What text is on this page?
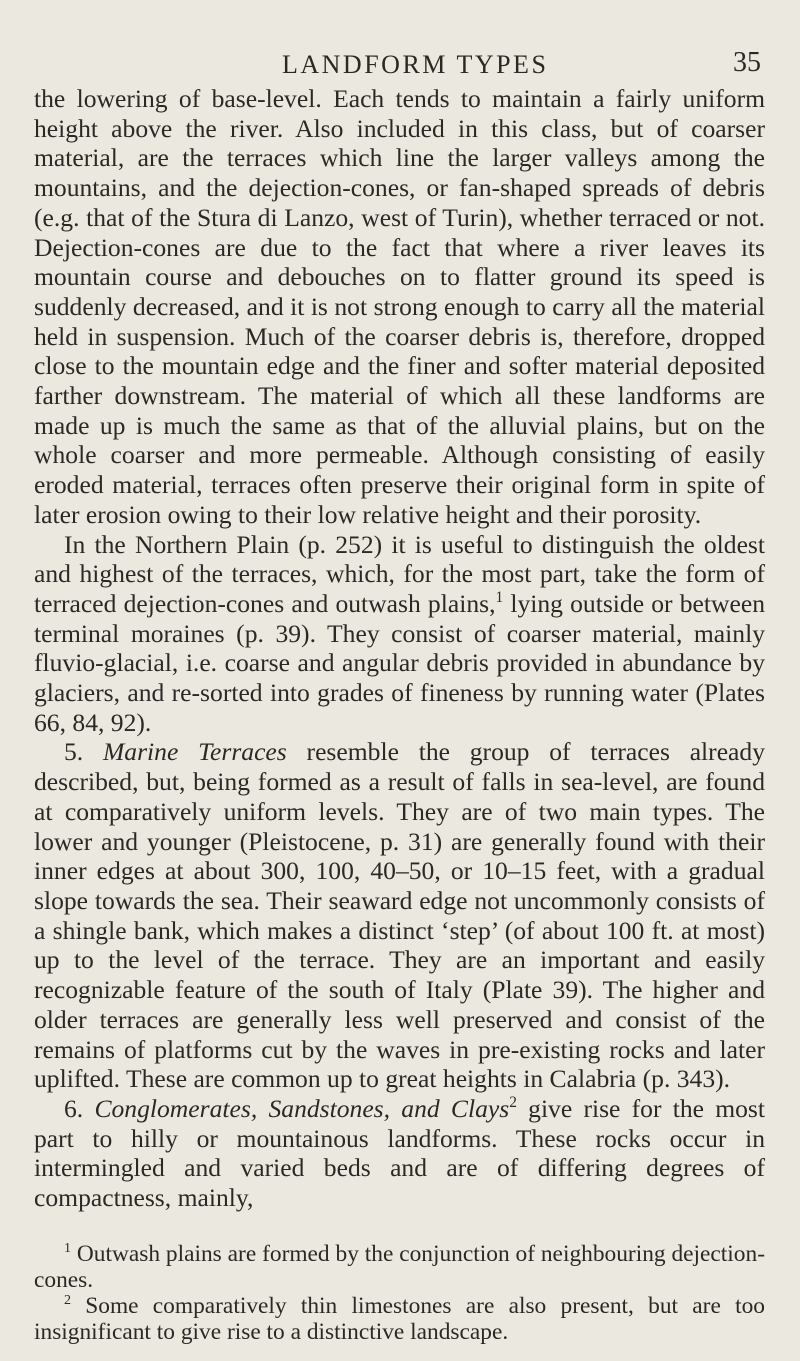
LANDFORM TYPES	35

the lowering of base-level. Each tends to maintain a fairly uniform height above the river. Also included in this class, but of coarser material, are the terraces which line the larger valleys among the mountains, and the dejection-cones, or fan-shaped spreads of debris (e.g. that of the Stura di Lanzo, west of Turin), whether terraced or not. Dejection-cones are due to the fact that where a river leaves its mountain course and debouches on to flatter ground its speed is suddenly decreased, and it is not strong enough to carry all the material held in suspension. Much of the coarser debris is, therefore, dropped close to the mountain edge and the finer and softer material deposited farther downstream. The material of which all these landforms are made up is much the same as that of the alluvial plains, but on the whole coarser and more permeable. Although consisting of easily eroded material, terraces often preserve their original form in spite of later erosion owing to their low relative height and their porosity.

In the Northern Plain (p. 252) it is useful to distinguish the oldest and highest of the terraces, which, for the most part, take the form of terraced dejection-cones and outwash plains,$^1$ lying outside or between terminal moraines (p. 39). They consist of coarser material, mainly fluvio-glacial, i.e. coarse and angular debris provided in abundance by glaciers, and re-sorted into grades of fineness by running water (Plates 66, 84, 92).

5. Marine Terraces resemble the group of terraces already described, but, being formed as a result of falls in sea-level, are found at comparatively uniform levels. They are of two main types. The lower and younger (Pleistocene, p. 31) are generally found with their inner edges at about 300, 100, 40–50, or 10–15 feet, with a gradual slope towards the sea. Their seaward edge not uncommonly consists of a shingle bank, which makes a distinct ‘step’ (of about 100 ft. at most) up to the level of the terrace. They are an important and easily recognizable feature of the south of Italy (Plate 39). The higher and older terraces are generally less well preserved and consist of the remains of platforms cut by the waves in pre-existing rocks and later uplifted. These are common up to great heights in Calabria (p. 343).

6. Conglomerates, Sandstones, and Clays$^2$ give rise for the most part to hilly or mountainous landforms. These rocks occur in intermingled and varied beds and are of differing degrees of compactness, mainly,

$^1$ Outwash plains are formed by the conjunction of neighbouring dejection-cones.

$^2$ Some comparatively thin limestones are also present, but are too insignificant to give rise to a distinctive landscape.
